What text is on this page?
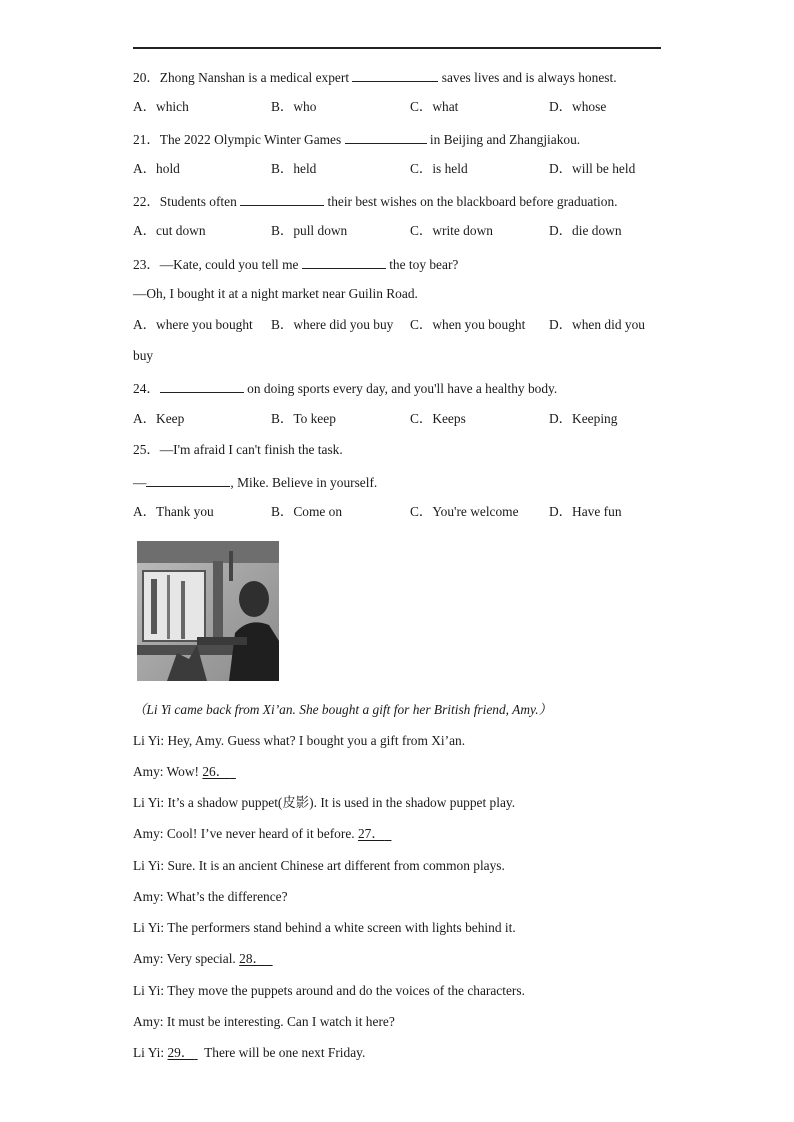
20．Zhong Nanshan is a medical expert	saves lives and is always honest.
A．which	B．who	C．what	D．whose
21．The 2022 Olympic Winter Games	in Beijing and Zhangjiakou.
A．hold	B．held	C．is held	D．will be held
22．Students often	their best wishes on the blackboard before graduation.
A．cut down	B．pull down	C．write down	D．die down
23．—Kate, could you tell me	the toy bear?
—Oh, I bought it at a night market near Guilin Road.
A．where you bought B．where did you buy C．when you bought D．when did you
buy
24．	on doing sports every day, and you'll have a healthy body.
A．Keep	B．To keep	C．Keeps	D．Keeping
25．—I'm afraid I can't finish the task.
—	, Mike. Believe in yourself.
A．Thank you	B．Come on	C．You're welcome D．Have fun
（Li Yi came back from Xi’an. She bought a gift for her British friend, Amy.）
Li Yi: Hey, Amy. Guess what? I bought you a gift from Xi’an.
Amy: Wow! 26．
Li Yi: It’s a shadow puppet(皮影). It is used in the shadow puppet play.
Amy: Cool! I’ve never heard of it before. 27．
Li Yi: Sure. It is an ancient Chinese art different from common plays.
Amy: What’s the difference?
Li Yi: The performers stand behind a white screen with lights behind it.
Amy: Very special. 28．
Li Yi: They move the puppets around and do the voices of the characters.
Amy: It must be interesting. Can I watch it here?
Li Yi: 29．   There will be one next Friday.
